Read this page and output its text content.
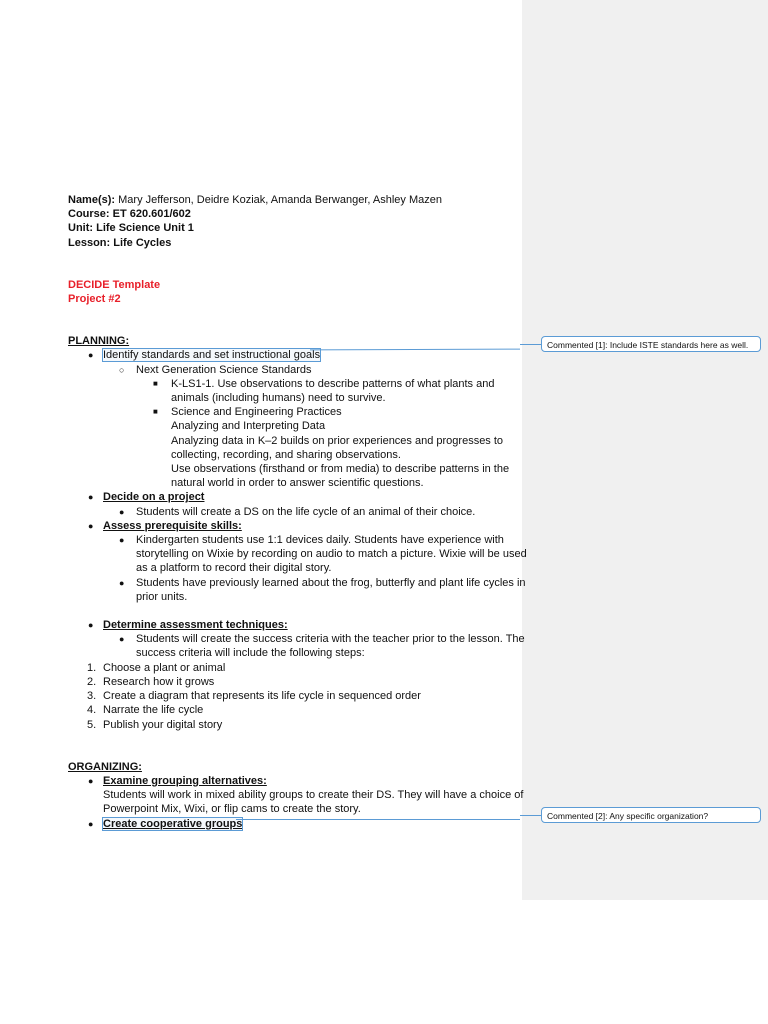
Name(s): Mary Jefferson, Deidre Koziak, Amanda Berwanger, Ashley Mazen
Course: ET 620.601/602
Unit: Life Science Unit 1
Lesson: Life Cycles
DECIDE Template
Project #2
PLANNING:
● Identify standards and set instructional goals
○ Next Generation Science Standards
■ K-LS1-1. Use observations to describe patterns of what plants and
animals (including humans) need to survive.
■ Science and Engineering Practices
Analyzing and Interpreting Data
Analyzing data in K–2 builds on prior experiences and progresses to
collecting, recording, and sharing observations.
Use observations (firsthand or from media) to describe patterns in the
natural world in order to answer scientific questions.
● Decide on a project
● Students will create a DS on the life cycle of an animal of their choice.
● Assess prerequisite skills:
● Kindergarten students use 1:1 devices daily. Students have experience with
storytelling on Wixie by recording on audio to match a picture. Wixie will be used
as a platform to record their digital story.
● Students have previously learned about the frog, butterfly and plant life cycles in
prior units.
● Determine assessment techniques:
● Students will create the success criteria with the teacher prior to the lesson. The
success criteria will include the following steps:
1. Choose a plant or animal
2. Research how it grows
3. Create a diagram that represents its life cycle in sequenced order
4. Narrate the life cycle
5. Publish your digital story
ORGANIZING:
● Examine grouping alternatives:
Students will work in mixed ability groups to create their DS. They will have a choice of
Powerpoint Mix, Wixi, or flip cams to create the story.
● Create cooperative groups
Commented [1]: Include ISTE standards here as well.
Commented [2]: Any specific organization?
